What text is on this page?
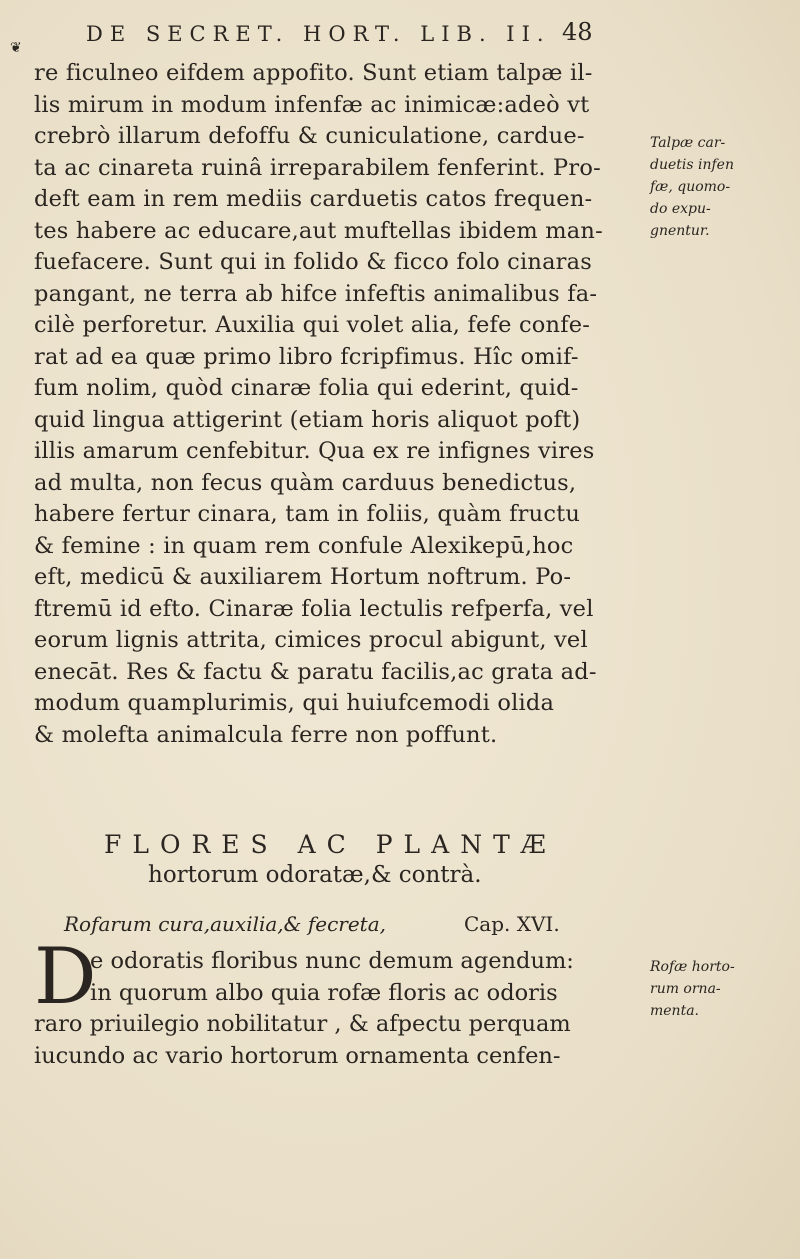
DE SECRET. HORT. LIB. II. 48
❦
re ficulneo eifdem appofito. Sunt etiam talpæ il-
lis mirum in modum infenfæ ac inimicæ:adeò vt
crebrò illarum defoffu & cuniculatione, cardue-
ta ac cinareta ruinâ irreparabilem fenferint. Pro-
deft eam in rem mediis carduetis catos frequen-
tes habere ac educare,aut muftellas ibidem man-
fuefacere. Sunt qui in folido & ficco folo cinaras
pangant, ne terra ab hifce infeftis animalibus fa-
cilè perforetur. Auxilia qui volet alia, fefe confe-
rat ad ea quæ primo libro fcripfimus. Hîc omif-
fum nolim, quòd cinaræ folia qui ederint, quid-
quid lingua attigerint (etiam horis aliquot poft)
illis amarum cenfebitur. Qua ex re infignes vires
ad multa, non fecus quàm carduus benedictus,
habere fertur cinara, tam in foliis, quàm fructu
& femine : in quam rem confule Alexikepū,hoc
eft, medicū & auxiliarem Hortum noftrum. Po-
ftremū id efto. Cinaræ folia lectulis refperfa, vel
eorum lignis attrita, cimices procul abigunt, vel
enecāt. Res & factu & paratu facilis,ac grata ad-
modum quamplurimis, qui huiufcemodi olida
& molefta animalcula ferre non poffunt.
Talpæ car-
duetis infen
fæ, quomo-
do expu-
gnentur.
FLORES AC PLANTÆ
hortorum odoratæ,& contrà.
Rofarum cura,auxilia,& fecreta,	Cap. XVI.
D
e odoratis floribus nunc demum agendum:
in quorum albo quia rofæ floris ac odoris
raro priuilegio nobilitatur , & afpectu perquam
iucundo ac vario hortorum ornamenta cenfen-
Rofæ horto-
rum orna-
menta.
